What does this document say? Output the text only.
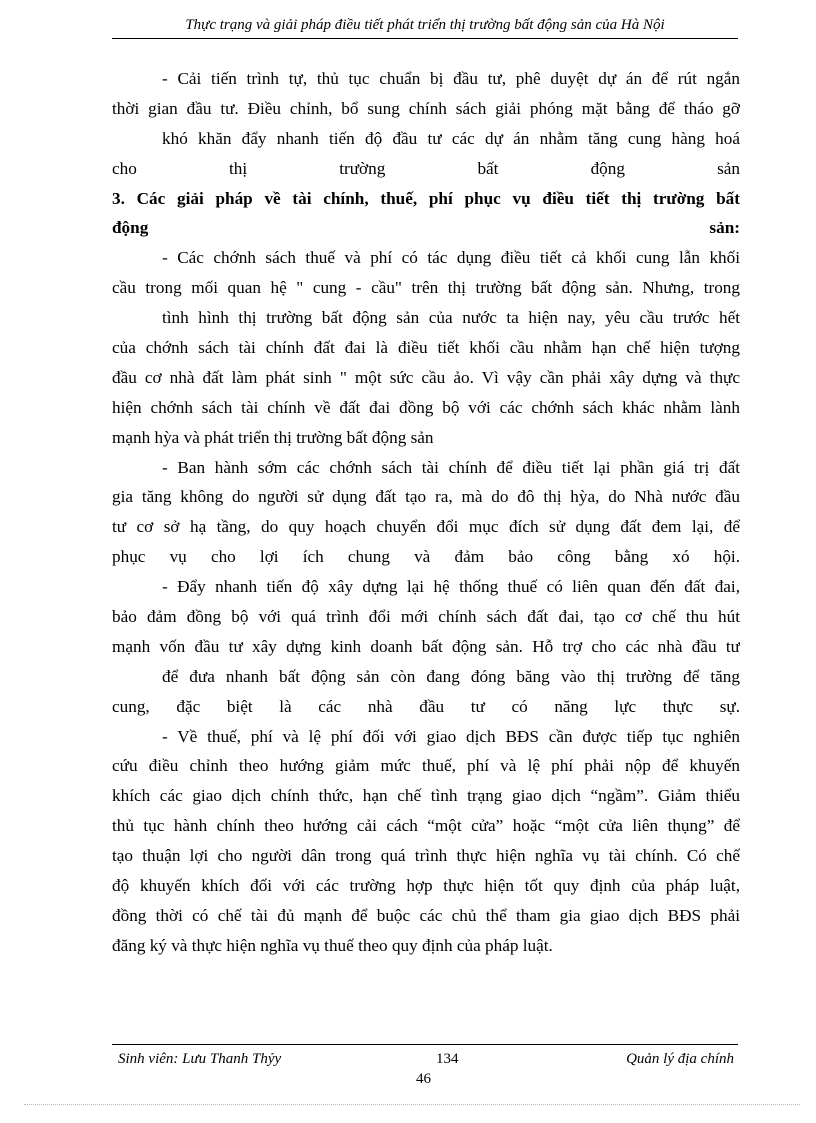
Thực trạng và giải pháp điều tiết phát triển thị trường bất động sản của Hà Nội
- Cải tiến trình tự, thủ tục chuẩn bị đầu tư, phê duyệt dự án để rút ngắn
thời gian đầu tư. Điều chỉnh, bổ sung chính sách giải phóng mặt bằng để tháo gỡ
khó khăn đẩy nhanh tiến độ đầu tư các dự án nhằm tăng cung hàng hoá
cho thị trường bất động sản
3. Các giải pháp về tài chính, thuế, phí phục vụ điều tiết thị trường bất
động sản:
- Các chớnh sách thuế và phí có tác dụng điều tiết cả khối cung lẫn khối
cầu trong mối quan hệ " cung - cầu" trên thị trường bất động sản. Nhưng, trong
tình hình thị trường bất động sản của nước ta hiện nay, yêu cầu trước hết
của chớnh sách tài chính đất đai là điều tiết khối cầu nhằm hạn chế hiện tượng
đầu cơ nhà đất làm phát sinh " một sức cầu ảo. Vì vậy cần phải xây dựng và thực
hiện chớnh sách tài chính về đất đai đồng bộ với các chớnh sách khác nhằm lành
mạnh hỳa và phát triển thị trường bất động sản
- Ban hành sớm các chớnh sách tài chính để điều tiết lại phần giá trị đất
gia tăng không do người sử dụng đất tạo ra, mà do đô thị hỳa, do Nhà nước đầu
tư cơ sở hạ tầng, do quy hoạch chuyển đổi mục đích sử dụng đất đem lại, để
phục vụ cho lợi ích chung và đảm bảo công bằng xó hội.
- Đẩy nhanh tiến độ xây dựng lại hệ thống thuế có liên quan đến đất đai,
bảo đảm đồng bộ với quá trình đổi mới chính sách đất đai, tạo cơ chế thu hút
mạnh vốn đầu tư xây dựng kinh doanh bất động sản. Hỗ trợ cho các nhà đầu tư
để đưa nhanh bất động sản còn đang đóng băng vào thị trường để tăng
cung, đặc biệt là các nhà đầu tư có năng lực thực sự.
- Về thuế, phí và lệ phí đối với giao dịch BĐS cần được tiếp tục nghiên
cứu điều chỉnh theo hướng giảm mức thuế, phí và lệ phí phải nộp để khuyến
khích các giao dịch chính thức, hạn chế tình trạng giao dịch “ngầm”. Giảm thiểu
thủ tục hành chính theo hướng cải cách “một cửa” hoặc “một cửa liên thụng” để
tạo thuận lợi cho người dân trong quá trình thực hiện nghĩa vụ tài chính. Có chế
độ khuyến khích đối với các trường hợp thực hiện tốt quy định của pháp luật,
đồng thời có chế tài đủ mạnh để buộc các chủ thể tham gia giao dịch BĐS phải
đăng ký và thực hiện nghĩa vụ thuế theo quy định của pháp luật.
Sinh viên: Lưu Thanh Thỷy	134	Quản lý địa chính
46
